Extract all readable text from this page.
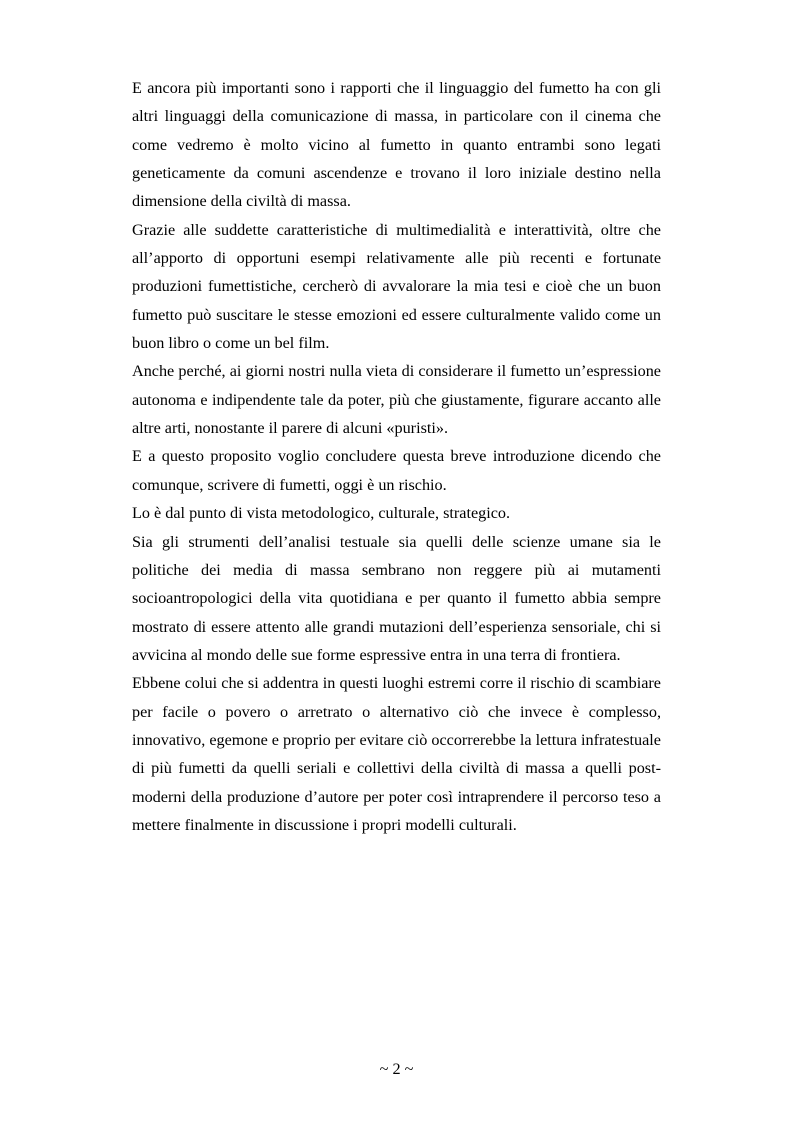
E ancora più importanti sono i rapporti che il linguaggio del fumetto ha con gli altri linguaggi della comunicazione di massa, in particolare con il cinema che come vedremo è molto vicino al fumetto in quanto entrambi sono legati geneticamente da comuni ascendenze e trovano il loro iniziale destino nella dimensione della civiltà di massa.

Grazie alle suddette caratteristiche di multimedialità e interattività, oltre che all’apporto di opportuni esempi relativamente alle più recenti e fortunate produzioni fumettistiche, cercherò di avvalorare la mia tesi e cioè che un buon fumetto può suscitare le stesse emozioni ed essere culturalmente valido come un buon libro o come un bel film.

Anche perché, ai giorni nostri nulla vieta di considerare il fumetto un’espressione autonoma e indipendente tale da poter, più che giustamente, figurare accanto alle altre arti, nonostante il parere di alcuni «puristi».

E a questo proposito voglio concludere questa breve introduzione dicendo che comunque, scrivere di fumetti, oggi è un rischio.

Lo è dal punto di vista metodologico, culturale, strategico.

Sia gli strumenti dell’analisi testuale sia quelli delle scienze umane sia le politiche dei media di massa sembrano non reggere più ai mutamenti socioantropologici della vita quotidiana e per quanto il fumetto abbia sempre mostrato di essere attento alle grandi mutazioni dell’esperienza sensoriale, chi si avvicina al mondo delle sue forme espressive entra in una terra di frontiera.

Ebbene colui che si addentra in questi luoghi estremi corre il rischio di scambiare per facile o povero o arretrato o alternativo ciò che invece è complesso, innovativo, egemone e proprio per evitare ciò occorrerebbe la lettura infratestuale di più fumetti da quelli seriali e collettivi della civiltà di massa a quelli post-moderni della produzione d’autore per poter così intraprendere il percorso teso a mettere finalmente in discussione i propri modelli culturali.

~ 2 ~
